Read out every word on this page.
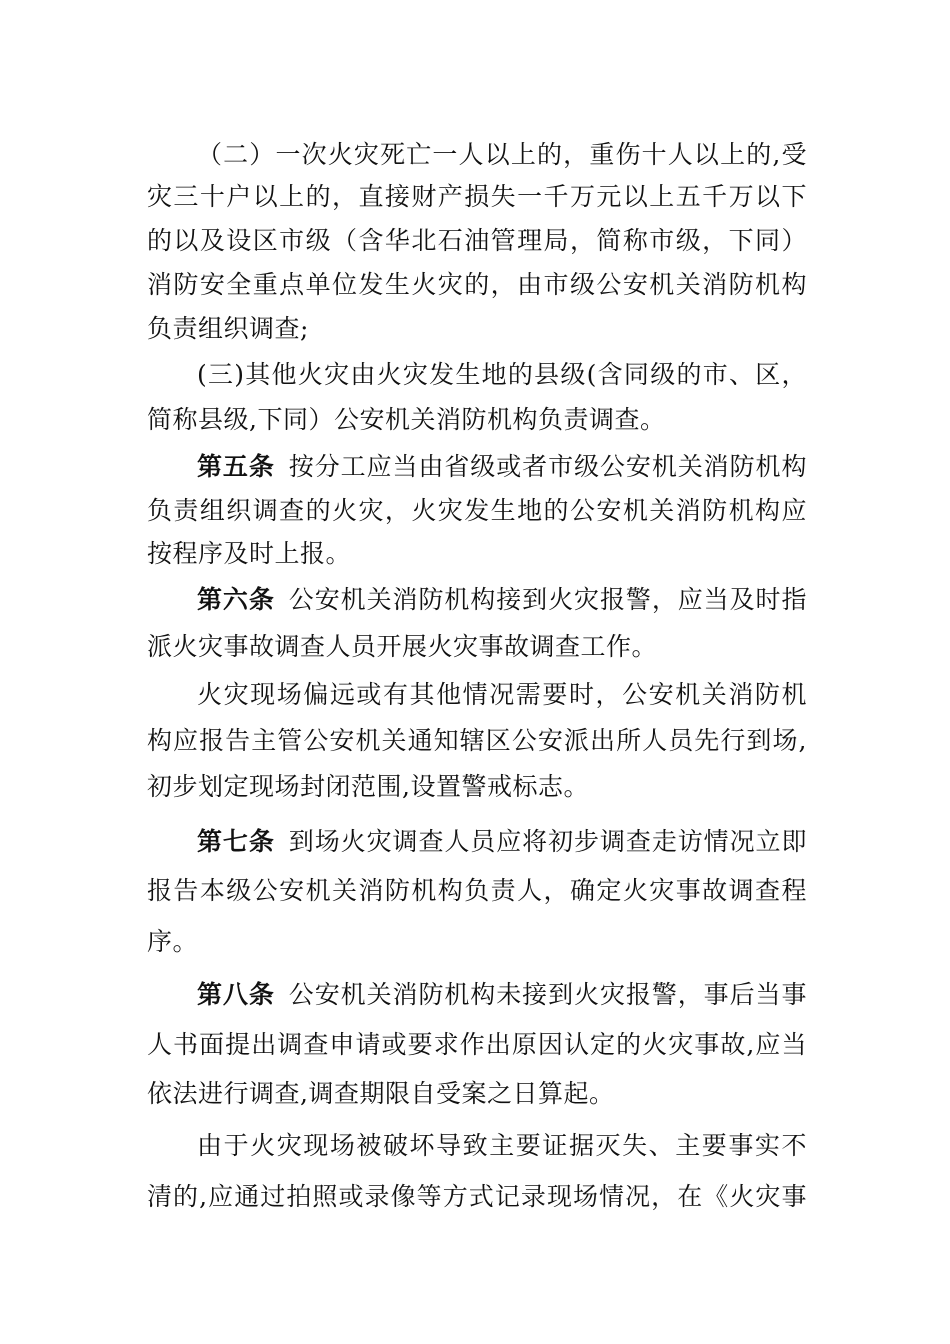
（二）一次火灾死亡一人以上的，重伤十人以上的,受
灾三十户以上的，直接财产损失一千万元以上五千万以下
的以及设区市级（含华北石油管理局，简称市级，下同）
消防安全重点单位发生火灾的，由市级公安机关消防机构
负责组织调查;
(三)其他火灾由火灾发生地的县级(含同级的市、区，
简称县级,下同）公安机关消防机构负责调查。
第五条 按分工应当由省级或者市级公安机关消防机构
负责组织调查的火灾，火灾发生地的公安机关消防机构应
按程序及时上报。
第六条 公安机关消防机构接到火灾报警，应当及时指
派火灾事故调查人员开展火灾事故调查工作。
火灾现场偏远或有其他情况需要时，公安机关消防机
构应报告主管公安机关通知辖区公安派出所人员先行到场,
初步划定现场封闭范围,设置警戒标志。
第七条 到场火灾调查人员应将初步调查走访情况立即
报告本级公安机关消防机构负责人，确定火灾事故调查程
序。
第八条 公安机关消防机构未接到火灾报警，事后当事
人书面提出调查申请或要求作出原因认定的火灾事故,应当
依法进行调查,调查期限自受案之日算起。
由于火灾现场被破坏导致主要证据灭失、主要事实不
清的,应通过拍照或录像等方式记录现场情况，在《火灾事
